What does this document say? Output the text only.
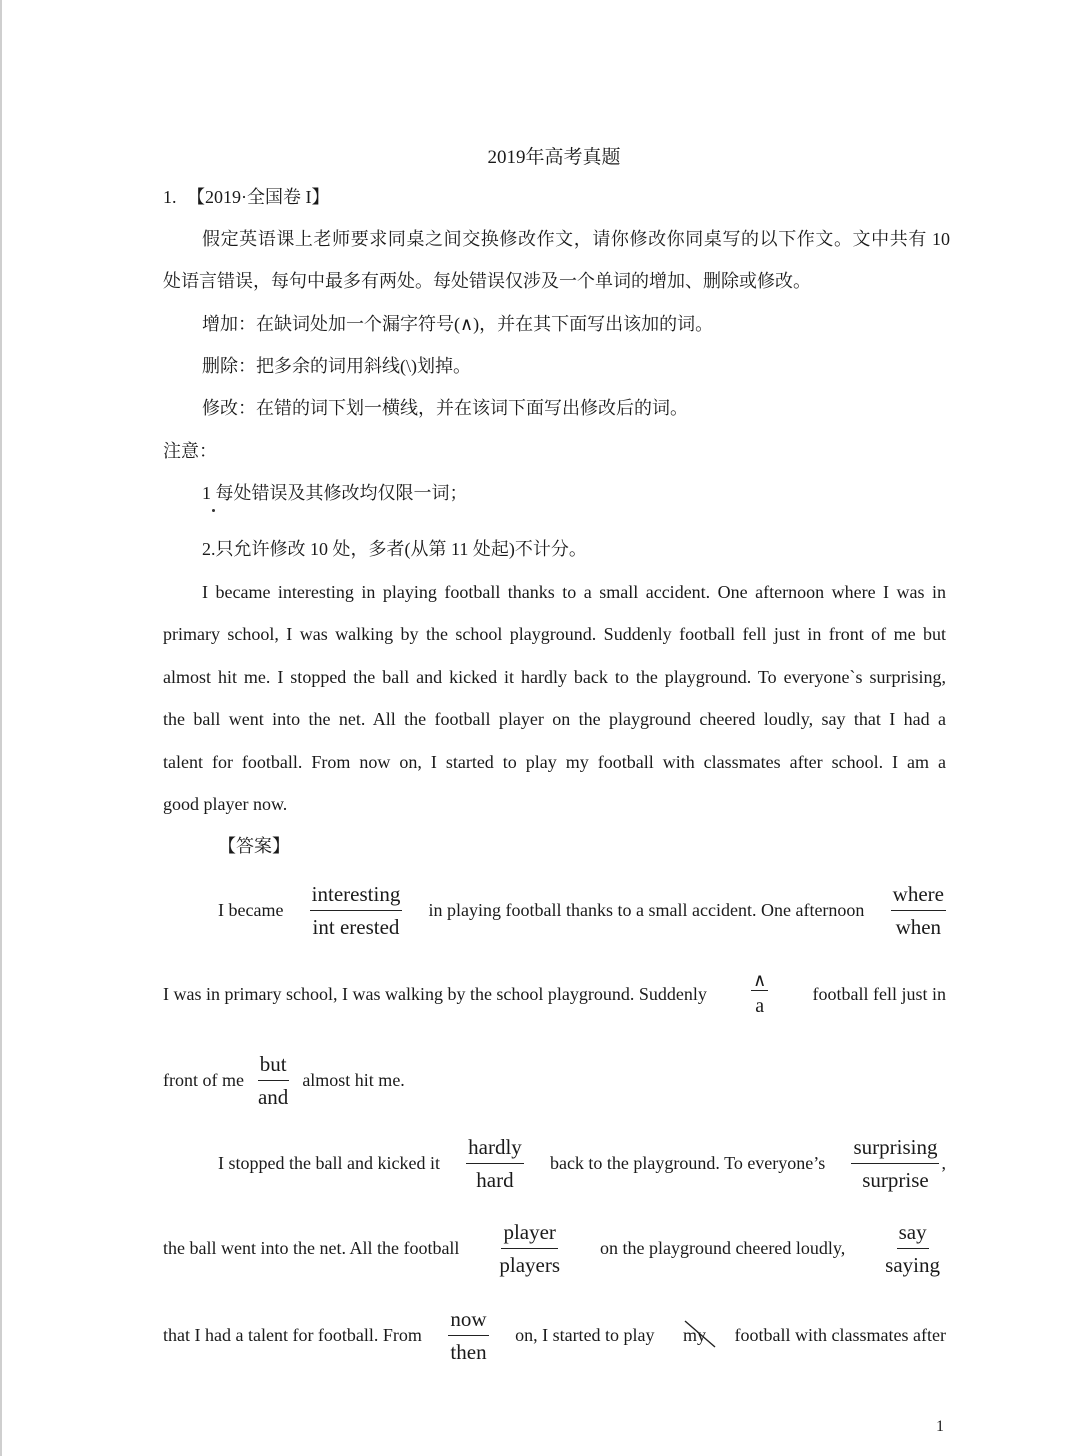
2019年高考真题
1. 【2019·全国卷 I】
假定英语课上老师要求同桌之间交换修改作文，请你修改你同桌写的以下作文。文中共有 10
处语言错误，每句中最多有两处。每处错误仅涉及一个单词的增加、删除或修改。
增加：在缺词处加一个漏字符号(∧)，并在其下面写出该加的词。
删除：把多余的词用斜线(\)划掉。
修改：在错的词下划一横线，并在该词下面写出修改后的词。
注意：
1 每处错误及其修改均仅限一词；
2.只允许修改 10 处，多者(从第 11 处起)不计分。
I became interesting in playing football thanks to a small accident. One afternoon where I was in
primary school, I was walking by the school playground. Suddenly football fell just in front of me but
almost hit me. I stopped the ball and kicked it hardly back to the playground. To everyone`s surprising,
the ball went into the net. All the football player on the playground cheered loudly, say that I had a
talent for football. From now on, I started to play my football with classmates after school. I am a
good player now.
【答案】
I became $\frac{\text{interesting}}{\text{int erested}}$ in playing football thanks to a small accident. One afternoon $\frac{\text{where}}{\text{when}}$
I was in primary school, I was walking by the school playground. Suddenly $\frac{\wedge}{a}$ football fell just in
front of me $\frac{\text{but}}{\text{and}}$ almost hit me.
I stopped the ball and kicked it $\frac{\text{hardly}}{\text{hard}}$ back to the playground. To everyone’s $\frac{\text{surprising}}{\text{surprise}}$ ,
the ball went into the net. All the football $\frac{\text{player}}{\text{players}}$ on the playground cheered loudly, $\frac{\text{say}}{\text{saying}}$
that I had a talent for football. From $\frac{\text{now}}{\text{then}}$ on, I started to play my football with classmates after
1
